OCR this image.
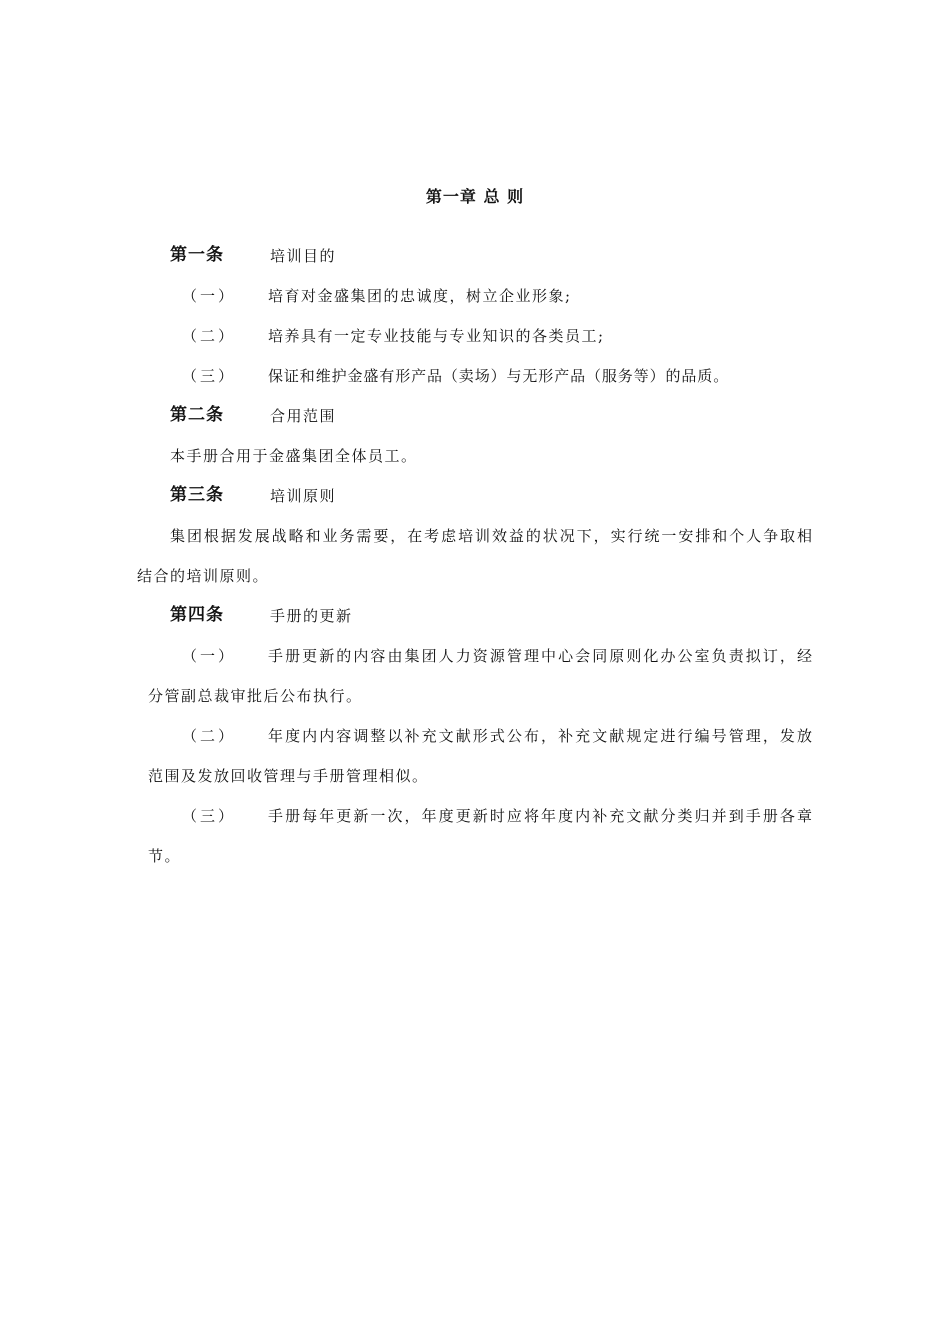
第一章 总 则
第一条	培训目的
（一） 培育对金盛集团的忠诚度，树立企业形象;
（二） 培养具有一定专业技能与专业知识的各类员工;
（三） 保证和维护金盛有形产品（卖场）与无形产品（服务等）的品质。
第二条	合用范围
本手册合用于金盛集团全体员工。
第三条	培训原则
集团根据发展战略和业务需要，在考虑培训效益的状况下，实行统一安排和个人争取相
结合的培训原则。
第四条	手册的更新
（一） 手册更新的内容由集团人力资源管理中心会同原则化办公室负责拟订，经
分管副总裁审批后公布执行。
（二） 年度内内容调整以补充文献形式公布，补充文献规定进行编号管理，发放
范围及发放回收管理与手册管理相似。
（三） 手册每年更新一次，年度更新时应将年度内补充文献分类归并到手册各章
节。
